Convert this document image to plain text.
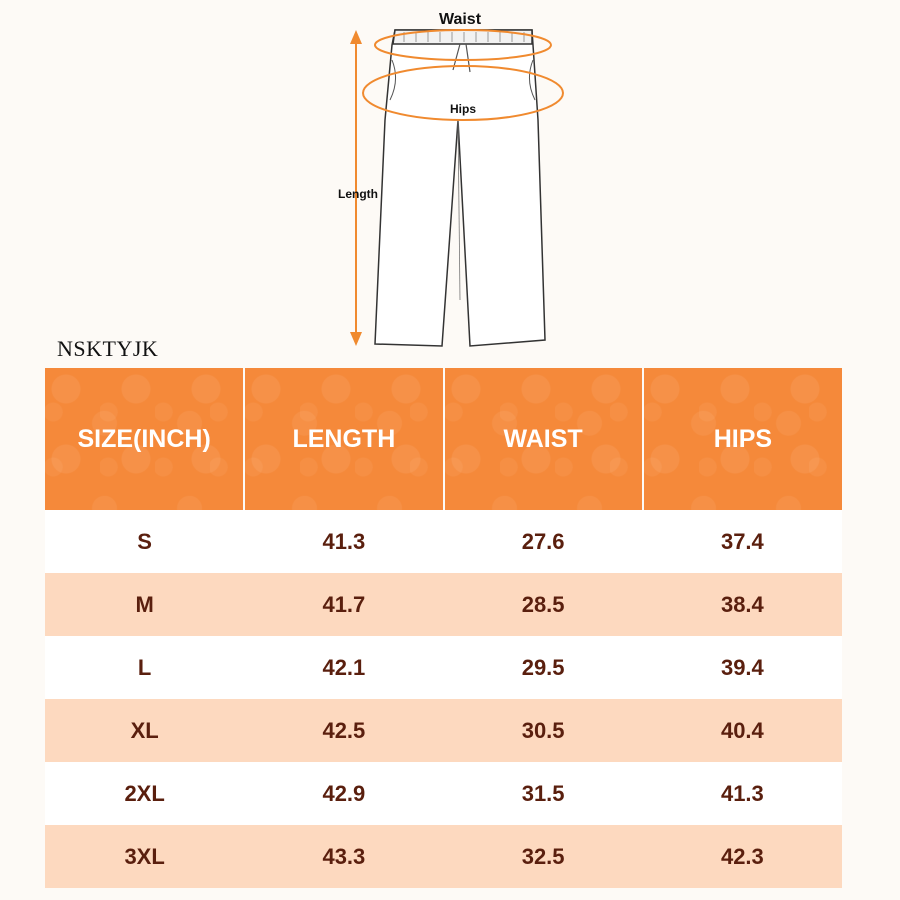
Waist
Hips
Length
NSKTYJK
SIZE(INCH)	LENGTH	WAIST	HIPS
S	41.3	27.6	37.4
M	41.7	28.5	38.4
L	42.1	29.5	39.4
XL	42.5	30.5	40.4
2XL	42.9	31.5	41.3
3XL	43.3	32.5	42.3
